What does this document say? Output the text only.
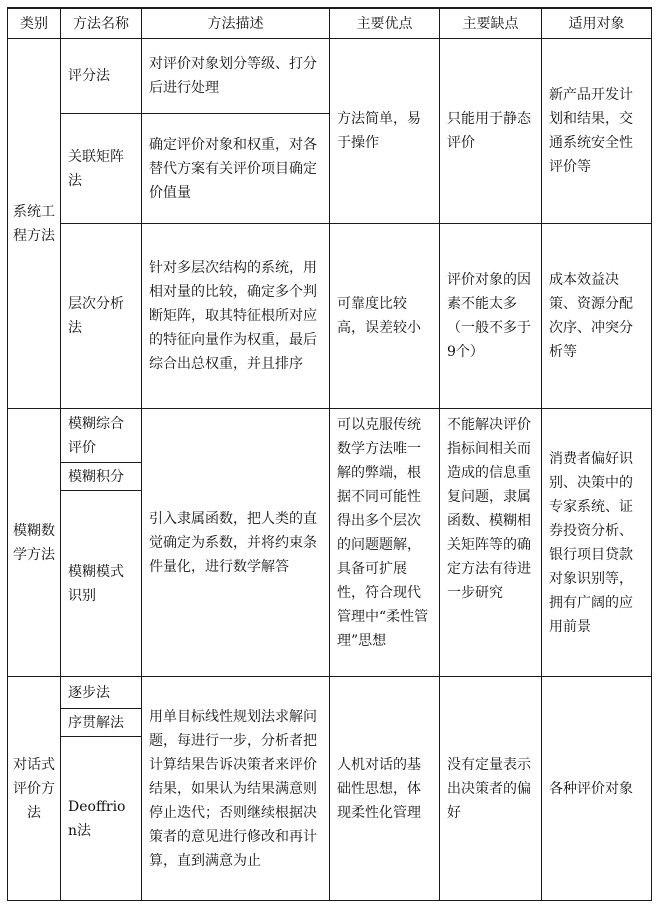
类别	方法名称	方法描述	主要优点	主要缺点	适用对象
系统工程方法	评分法	对评价对象划分等级、打分后进行处理	方法简单，易于操作	只能用于静态评价	新产品开发计划和结果，交通系统安全性评价等
	关联矩阵法	确定评价对象和权重，对各替代方案有关评价项目确定价值量			
	层次分析法	针对多层次结构的系统，用相对量的比较，确定多个判断矩阵，取其特征根所对应的特征向量作为权重，最后综合出总权重，并且排序	可靠度比较高，误差较小	评价对象的因素不能太多（一般不多于9个）	成本效益决策、资源分配次序、冲突分析等
模糊数学方法	模糊综合评价	引入隶属函数，把人类的直觉确定为系数，并将约束条件量化，进行数学解答	可以克服传统数学方法唯一解的弊端，根据不同可能性得出多个层次的问题题解，具备可扩展性，符合现代管理中“柔性管理”思想	不能解决评价指标间相关而造成的信息重复问题，隶属函数、模糊相关矩阵等的确定方法有待进一步研究	消费者偏好识别、决策中的专家系统、证券投资分析、银行项目贷款对象识别等，拥有广阔的应用前景
	模糊积分				
	模糊模式识别				
对话式评价方法	逐步法	用单目标线性规划法求解问题，每进行一步，分析者把计算结果告诉决策者来评价结果，如果认为结果满意则停止迭代；否则继续根据决策者的意见进行修改和再计算，直到满意为止	人机对话的基础性思想，体现柔性化管理	没有定量表示出决策者的偏好	各种评价对象
	序贯解法				
	Deoffrion法				
